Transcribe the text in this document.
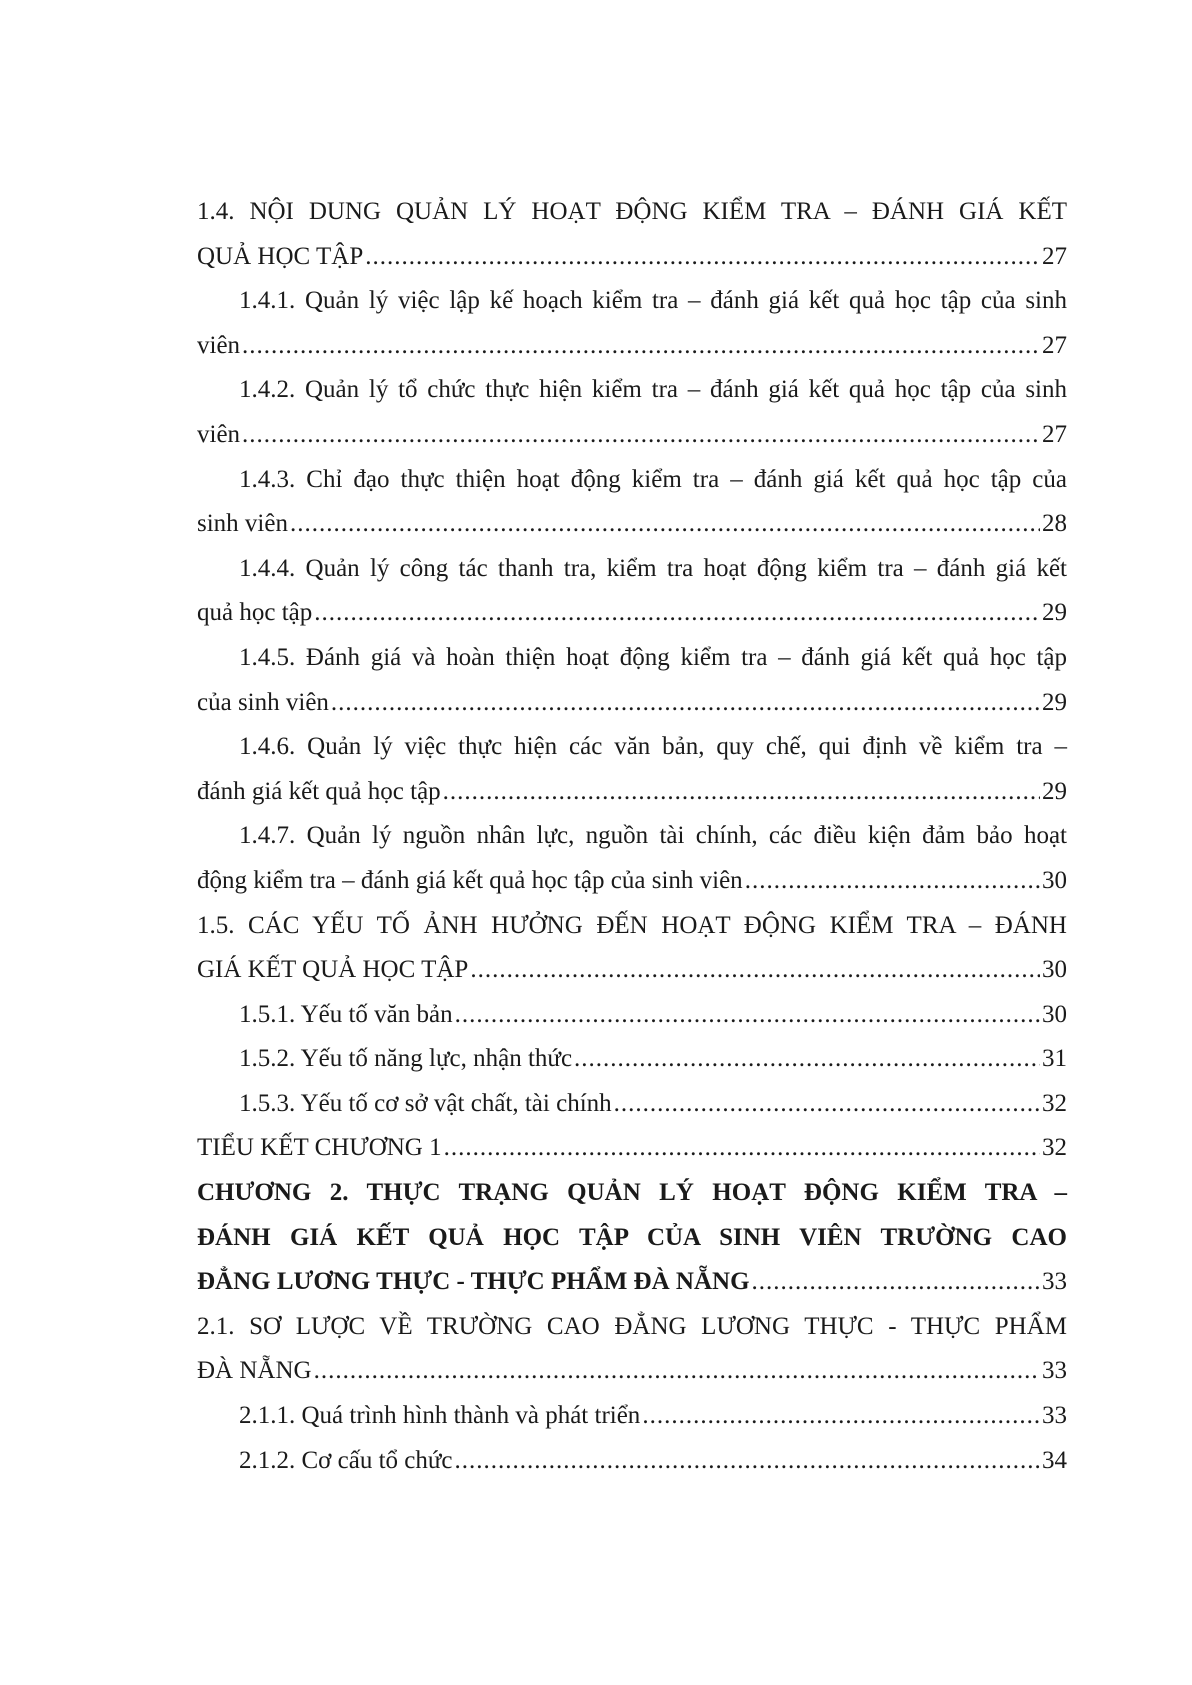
1.4. NỘI DUNG QUẢN LÝ HOẠT ĐỘNG KIỂM TRA – ĐÁNH GIÁ KẾT
QUẢ HỌC TẬP .....	27
1.4.1. Quản lý việc lập kế hoạch kiểm tra – đánh giá kết quả học tập của sinh
viên .....	27
1.4.2. Quản lý tổ chức thực hiện kiểm tra – đánh giá kết quả học tập của sinh
viên .....	27
1.4.3. Chỉ đạo thực thiện hoạt động kiểm tra – đánh giá kết quả học tập của
sinh viên .....	28
1.4.4. Quản lý công tác thanh tra, kiểm tra hoạt động kiểm tra – đánh giá kết
quả học tập .....	29
1.4.5. Đánh giá và hoàn thiện hoạt động kiểm tra – đánh giá kết quả học tập
của sinh viên .....	29
1.4.6. Quản lý việc thực hiện các văn bản, quy chế, qui định về kiểm tra –
đánh giá kết quả học tập .....	29
1.4.7. Quản lý nguồn nhân lực, nguồn tài chính, các điều kiện đảm bảo hoạt
động kiểm tra – đánh giá kết quả học tập của sinh viên .....	30
1.5. CÁC YẾU TỐ ẢNH HƯỞNG ĐẾN HOẠT ĐỘNG KIỂM TRA – ĐÁNH
GIÁ KẾT QUẢ HỌC TẬP .....	30
1.5.1. Yếu tố văn bản .....	30
1.5.2. Yếu tố năng lực, nhận thức .....	31
1.5.3. Yếu tố cơ sở vật chất, tài chính .....	32
TIỂU KẾT CHƯƠNG 1 .....	32
CHƯƠNG 2. THỰC TRẠNG QUẢN LÝ HOẠT ĐỘNG KIỂM TRA –
ĐÁNH GIÁ KẾT QUẢ HỌC TẬP CỦA SINH VIÊN TRƯỜNG CAO
ĐẲNG LƯƠNG THỰC - THỰC PHẨM ĐÀ NẴNG .....	33
2.1. SƠ LƯỢC VỀ TRƯỜNG CAO ĐẲNG LƯƠNG THỰC - THỰC PHẨM
ĐÀ NẴNG .....	33
2.1.1. Quá trình hình thành và phát triển .....	33
2.1.2. Cơ cấu tổ chức .....	34
